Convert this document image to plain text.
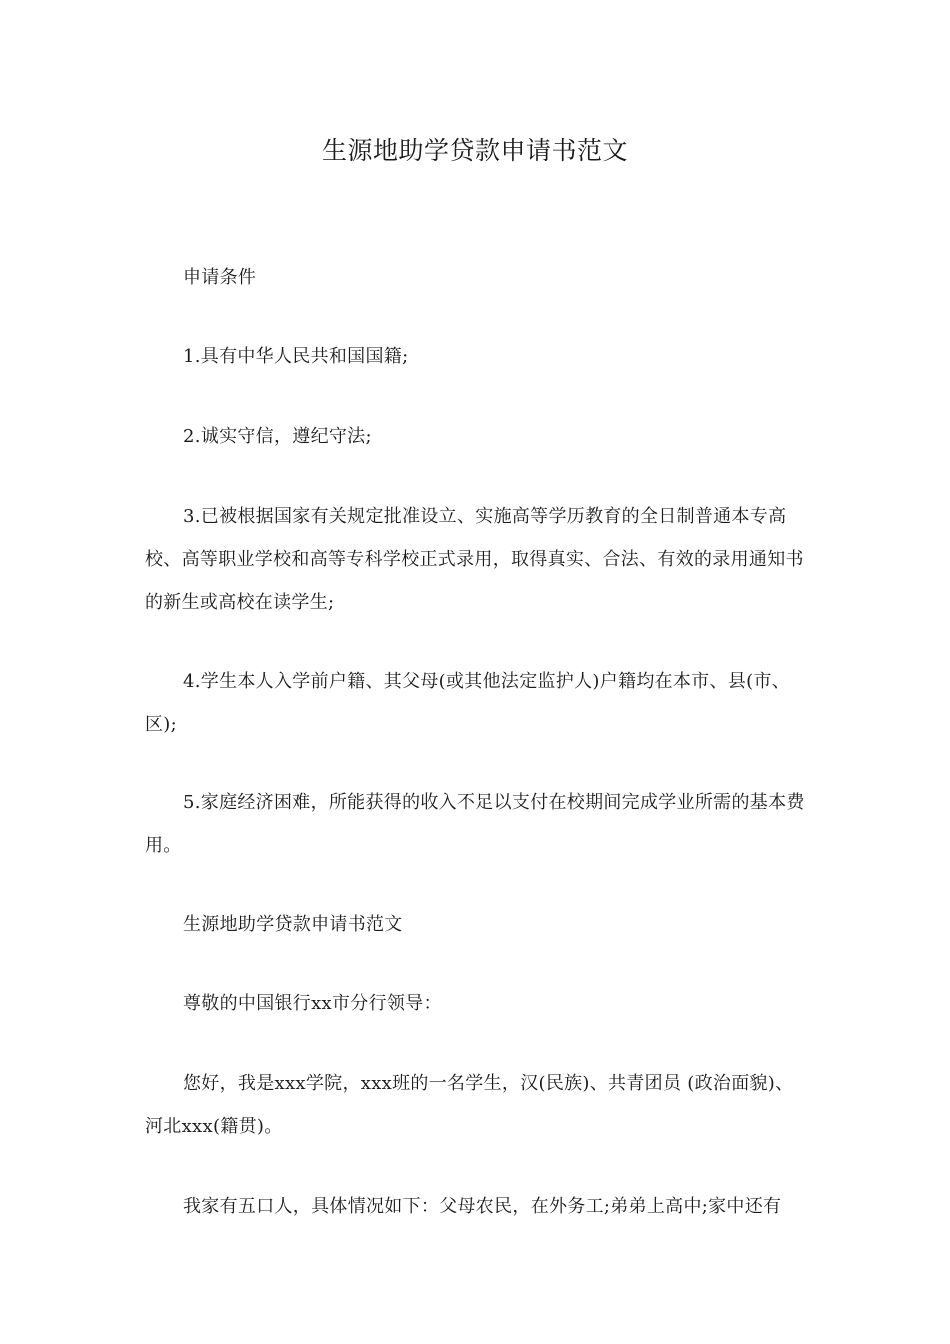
生源地助学贷款申请书范文

申请条件

1.具有中华人民共和国国籍;

2.诚实守信，遵纪守法;

3.已被根据国家有关规定批准设立、实施高等学历教育的全日制普通本专高校、高等职业学校和高等专科学校正式录用，取得真实、合法、有效的录用通知书的新生或高校在读学生;

4.学生本人入学前户籍、其父母(或其他法定监护人)户籍均在本市、县(市、区);

5.家庭经济困难，所能获得的收入不足以支付在校期间完成学业所需的基本费用。

生源地助学贷款申请书范文

尊敬的中国银行xx市分行领导：

您好，我是xxx学院，xxx班的一名学生，汉(民族)、共青团员 (政治面貌)、河北xxx(籍贯)。

我家有五口人，具体情况如下：父母农民，在外务工;弟弟上高中;家中还有
